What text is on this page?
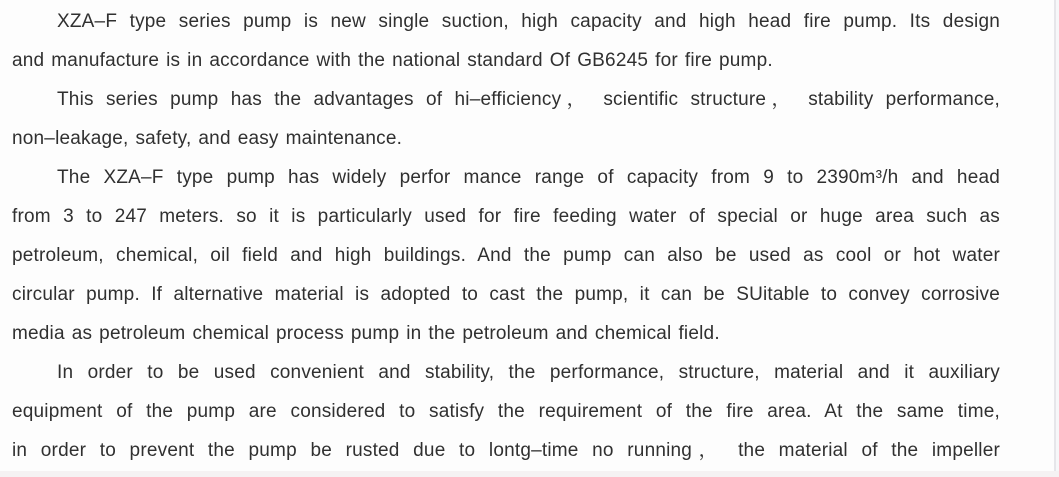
XZA–F type series pump is new single suction, high capacity and high head fire pump. Its design
and manufacture is in accordance with the national standard Of GB6245 for fire pump.
This series pump has the advantages of hi–efficiency， scientific structure， stability performance,
non–leakage, safety, and easy maintenance.
The XZA–F type pump has widely perfor mance range of capacity from 9 to 2390m³/h and head
from 3 to 247 meters. so it is particularly used for fire feeding water of special or huge area such as
petroleum, chemical, oil field and high buildings. And the pump can also be used as cool or hot water
circular pump. If alternative material is adopted to cast the pump, it can be SUitable to convey corrosive
media as petroleum chemical process pump in the petroleum and chemical field.
In order to be used convenient and stability, the performance, structure, material and it auxiliary
equipment of the pump are considered to satisfy the requirement of the fire area. At the same time,
in order to prevent the pump be rusted due to lontg–time no running， the material of the impeller
